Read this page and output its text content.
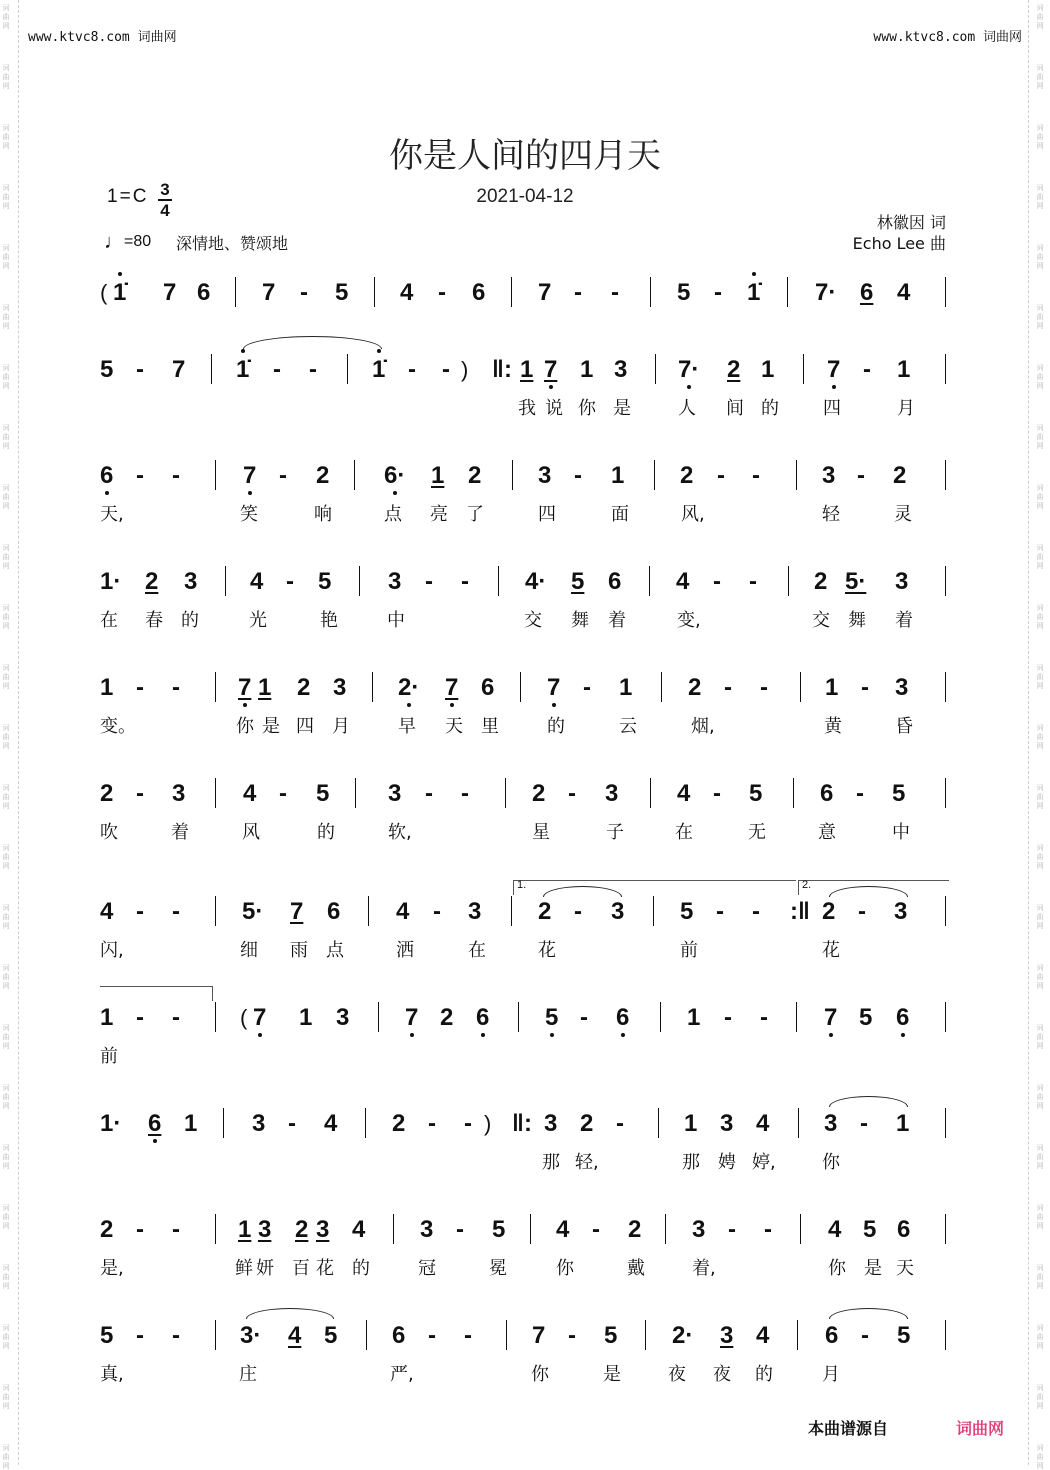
词
曲
网
词
曲
网
词
曲
网
词
曲
网
词
曲
网
词
曲
网
词
曲
网
词
曲
网
词
曲
网
词
曲
网
词
曲
网
词
曲
网
词
曲
网
词
曲
网
词
曲
网
词
曲
网
词
曲
网
词
曲
网
词
曲
网
词
曲
网
词
曲
网
词
曲
网
词
曲
网
词
曲
网
词
曲
网
词
曲
网
词
曲
网
词
曲
网
词
曲
网
词
曲
网
词
曲
网
词
曲
网
词
曲
网
词
曲
网
词
曲
网
词
曲
网
词
曲
网
词
曲
网
词
曲
网
词
曲
网
词
曲
网
词
曲
网
词
曲
网
词
曲
网
词
曲
网
词
曲
网
词
曲
网
词
曲
网
词
曲
网
词
曲
网
www.ktvc8.com 词曲网	www.ktvc8.com 词曲网
你是人间的四月天
2021-04-12
1 = C 3
4
♩=80 深情地、赞颂地
林徽因 词
Echo Lee 曲
( 1̇ 7 6 7 - 5 4 - 6 7 - - 5 - 1̇ 7· 6 4
5 - 7 1̇ - - 1̇ - - ) ‖: 1 7 1 3 7· 2 1 7 - 1
6 - -	7 - 2 6· 1 2 3 - 1 2 - -	3 - 2
1· 2 3 4 - 5 3 - - 4· 5 6 4 - - 2 5· 3
1 - - 7 1 2 3 2· 7 6 7 - 1 2 - - 1 - 3
2 - 3 4 - 5 3 - -	2 - 3 4 - 5 6 - 5
4 - -	5· 7 6 4 - 3 2 - 3 5 - - :‖ 2 - 3
1 - -	( 7 1 3 7 2 6 5 - 6 1 - - 7 5 6
1· 6 1 3 - 4 2 - - ) ‖: 3 2 -	1 3 4 3 - 1
2 - - 1 3 2 3 4 3 - 5 4 - 2 3 - - 4 5 6
5 - -	3· 4 5 6 - -	7 - 5 2· 3 4 6 - 5
我 说 你 是	人 间 的 四	月
天,	笑	响	点 亮 了	四	面	风,	轻	灵
在 春 的	光	艳	中	交 舞 着	变,	交 舞 着
变。	你 是 四 月	早 天 里	的	云	烟,	黄	昏
吹	着	风	的	软,	星	子	在	无	意	中
闪,	细 雨 点	洒	在	花	前	花
前
那 轻,	那 娉 婷,	你
是,	鲜 妍 百 花 的	冠	冕	你	戴	着,	你 是 天
真,	庄	严,	你	是	夜 夜 的	月
1.	2.
本曲谱源自	词曲网
